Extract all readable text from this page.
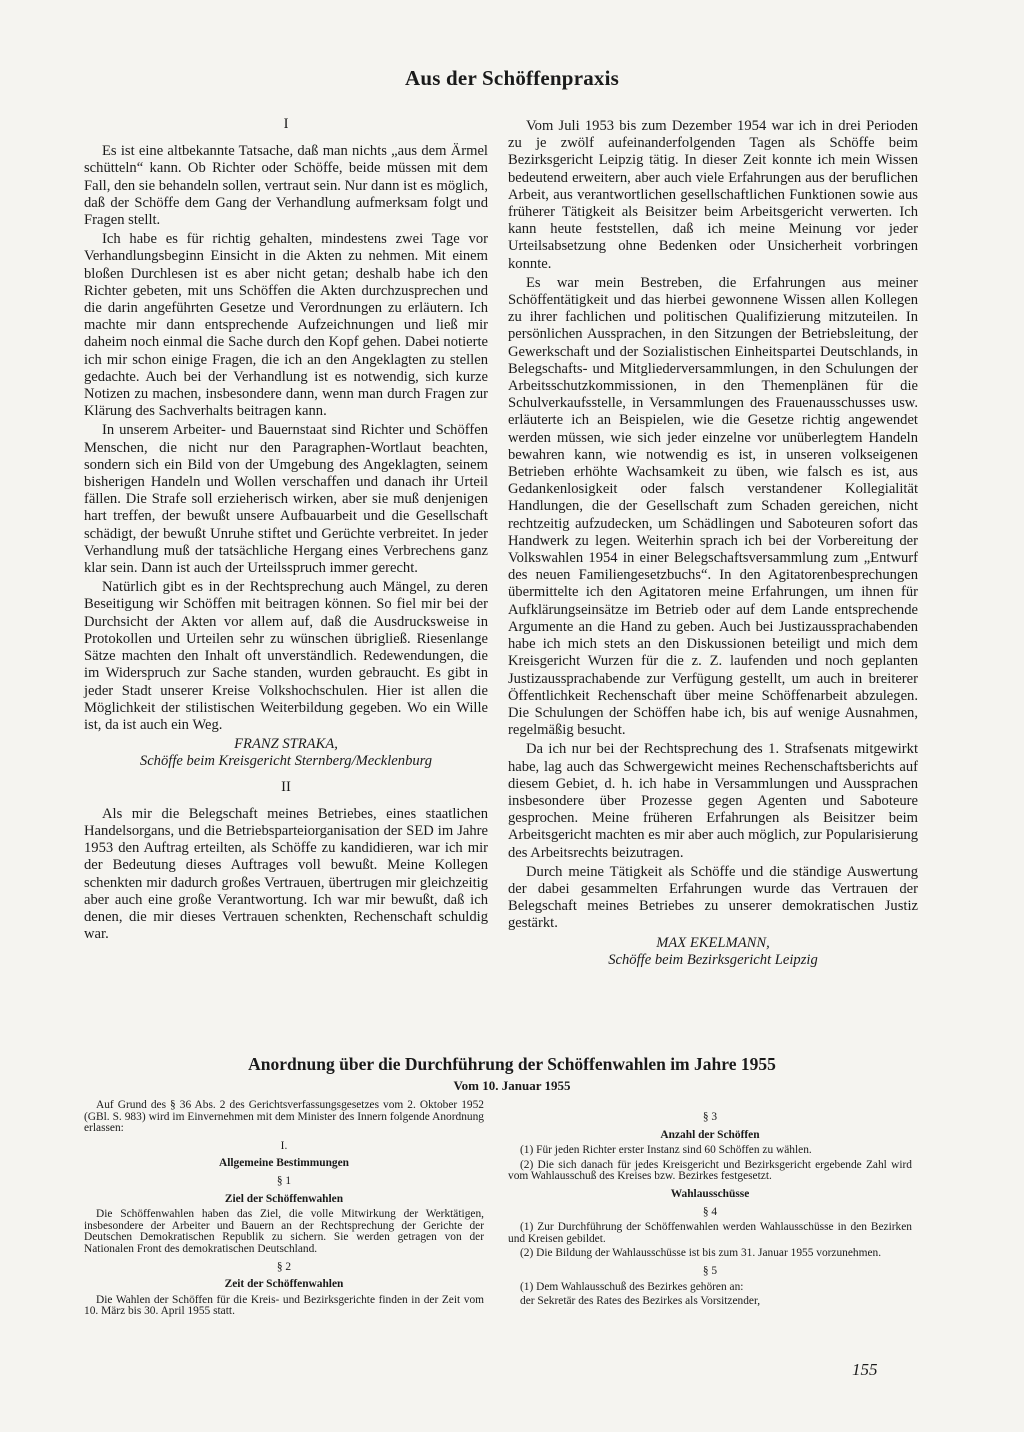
Aus der Schöffenpraxis

I

Es ist eine altbekannte Tatsache, daß man nichts „aus dem Ärmel schütteln“ kann. Ob Richter oder Schöffe, beide müssen mit dem Fall, den sie behandeln sollen, vertraut sein. Nur dann ist es möglich, daß der Schöffe dem Gang der Verhandlung aufmerksam folgt und Fragen stellt.

Ich habe es für richtig gehalten, mindestens zwei Tage vor Verhandlungsbeginn Einsicht in die Akten zu nehmen. Mit einem bloßen Durchlesen ist es aber nicht getan; deshalb habe ich den Richter gebeten, mit uns Schöffen die Akten durchzusprechen und die darin angeführten Gesetze und Verordnungen zu erläutern. Ich machte mir dann entsprechende Aufzeichnungen und ließ mir daheim noch einmal die Sache durch den Kopf gehen. Dabei notierte ich mir schon einige Fragen, die ich an den Angeklagten zu stellen gedachte. Auch bei der Verhandlung ist es notwendig, sich kurze Notizen zu machen, insbesondere dann, wenn man durch Fragen zur Klärung des Sachverhalts beitragen kann.

In unserem Arbeiter- und Bauernstaat sind Richter und Schöffen Menschen, die nicht nur den Paragraphen-Wortlaut beachten, sondern sich ein Bild von der Umgebung des Angeklagten, seinem bisherigen Handeln und Wollen verschaffen und danach ihr Urteil fällen. Die Strafe soll erzieherisch wirken, aber sie muß denjenigen hart treffen, der bewußt unsere Aufbauarbeit und die Gesellschaft schädigt, der bewußt Unruhe stiftet und Gerüchte verbreitet. In jeder Verhandlung muß der tatsächliche Hergang eines Verbrechens ganz klar sein. Dann ist auch der Urteilsspruch immer gerecht.

Natürlich gibt es in der Rechtsprechung auch Mängel, zu deren Beseitigung wir Schöffen mit beitragen können. So fiel mir bei der Durchsicht der Akten vor allem auf, daß die Ausdrucksweise in Protokollen und Urteilen sehr zu wünschen übrigließ. Riesenlange Sätze machten den Inhalt oft unverständlich. Redewendungen, die im Widerspruch zur Sache standen, wurden gebraucht. Es gibt in jeder Stadt unserer Kreise Volkshochschulen. Hier ist allen die Möglichkeit der stilistischen Weiterbildung gegeben. Wo ein Wille ist, da ist auch ein Weg.

FRANZ STRAKA,

Schöffe beim Kreisgericht Sternberg/Mecklenburg

II

Als mir die Belegschaft meines Betriebes, eines staatlichen Handelsorgans, und die Betriebsparteiorganisation der SED im Jahre 1953 den Auftrag erteilten, als Schöffe zu kandidieren, war ich mir der Bedeutung dieses Auftrages voll bewußt. Meine Kollegen schenkten mir dadurch großes Vertrauen, übertrugen mir gleichzeitig aber auch eine große Verantwortung. Ich war mir bewußt, daß ich denen, die mir dieses Vertrauen schenkten, Rechenschaft schuldig war.

Vom Juli 1953 bis zum Dezember 1954 war ich in drei Perioden zu je zwölf aufeinanderfolgenden Tagen als Schöffe beim Bezirksgericht Leipzig tätig. In dieser Zeit konnte ich mein Wissen bedeutend erweitern, aber auch viele Erfahrungen aus der beruflichen Arbeit, aus verantwortlichen gesellschaftlichen Funktionen sowie aus früherer Tätigkeit als Beisitzer beim Arbeitsgericht verwerten. Ich kann heute feststellen, daß ich meine Meinung vor jeder Urteilsabsetzung ohne Bedenken oder Unsicherheit vorbringen konnte.

Es war mein Bestreben, die Erfahrungen aus meiner Schöffentätigkeit und das hierbei gewonnene Wissen allen Kollegen zu ihrer fachlichen und politischen Qualifizierung mitzuteilen. In persönlichen Aussprachen, in den Sitzungen der Betriebsleitung, der Gewerkschaft und der Sozialistischen Einheitspartei Deutschlands, in Belegschafts- und Mitgliederversammlungen, in den Schulungen der Arbeitsschutzkommissionen, in den Themenplänen für die Schulverkaufsstelle, in Versammlungen des Frauenausschusses usw. erläuterte ich an Beispielen, wie die Gesetze richtig angewendet werden müssen, wie sich jeder einzelne vor unüberlegtem Handeln bewahren kann, wie notwendig es ist, in unseren volkseigenen Betrieben erhöhte Wachsamkeit zu üben, wie falsch es ist, aus Gedankenlosigkeit oder falsch verstandener Kollegialität Handlungen, die der Gesellschaft zum Schaden gereichen, nicht rechtzeitig aufzudecken, um Schädlingen und Saboteuren sofort das Handwerk zu legen. Weiterhin sprach ich bei der Vorbereitung der Volkswahlen 1954 in einer Belegschaftsversammlung zum „Entwurf des neuen Familiengesetzbuchs“. In den Agitatorenbesprechungen übermittelte ich den Agitatoren meine Erfahrungen, um ihnen für Aufklärungseinsätze im Betrieb oder auf dem Lande entsprechende Argumente an die Hand zu geben. Auch bei Justizaussprachabenden habe ich mich stets an den Diskussionen beteiligt und mich dem Kreisgericht Wurzen für die z. Z. laufenden und noch geplanten Justizaussprachabende zur Verfügung gestellt, um auch in breiterer Öffentlichkeit Rechenschaft über meine Schöffenarbeit abzulegen. Die Schulungen der Schöffen habe ich, bis auf wenige Ausnahmen, regelmäßig besucht.

Da ich nur bei der Rechtsprechung des 1. Strafsenats mitgewirkt habe, lag auch das Schwergewicht meines Rechenschaftsberichts auf diesem Gebiet, d. h. ich habe in Versammlungen und Aussprachen insbesondere über Prozesse gegen Agenten und Saboteure gesprochen. Meine früheren Erfahrungen als Beisitzer beim Arbeitsgericht machten es mir aber auch möglich, zur Popularisierung des Arbeitsrechts beizutragen.

Durch meine Tätigkeit als Schöffe und die ständige Auswertung der dabei gesammelten Erfahrungen wurde das Vertrauen der Belegschaft meines Betriebes zu unserer demokratischen Justiz gestärkt.

MAX EKELMANN,

Schöffe beim Bezirksgericht Leipzig

Anordnung über die Durchführung der Schöffenwahlen im Jahre 1955
Vom 10. Januar 1955

Auf Grund des § 36 Abs. 2 des Gerichtsverfassungsgesetzes vom 2. Oktober 1952 (GBl. S. 983) wird im Einvernehmen mit dem Minister des Innern folgende Anordnung erlassen:

I.

Allgemeine Bestimmungen

§ 1

Ziel der Schöffenwahlen

Die Schöffenwahlen haben das Ziel, die volle Mitwirkung der Werktätigen, insbesondere der Arbeiter und Bauern an der Rechtsprechung der Gerichte der Deutschen Demokratischen Republik zu sichern. Sie werden getragen von der Nationalen Front des demokratischen Deutschland.

§ 2

Zeit der Schöffenwahlen

Die Wahlen der Schöffen für die Kreis- und Bezirksgerichte finden in der Zeit vom 10. März bis 30. April 1955 statt.

§ 3

Anzahl der Schöffen

(1) Für jeden Richter erster Instanz sind 60 Schöffen zu wählen.

(2) Die sich danach für jedes Kreisgericht und Bezirksgericht ergebende Zahl wird vom Wahlausschuß des Kreises bzw. Bezirkes festgesetzt.

Wahlausschüsse

§ 4

(1) Zur Durchführung der Schöffenwahlen werden Wahlausschüsse in den Bezirken und Kreisen gebildet.

(2) Die Bildung der Wahlausschüsse ist bis zum 31. Januar 1955 vorzunehmen.

§ 5

(1) Dem Wahlausschuß des Bezirkes gehören an:

der Sekretär des Rates des Bezirkes als Vorsitzender,

155
